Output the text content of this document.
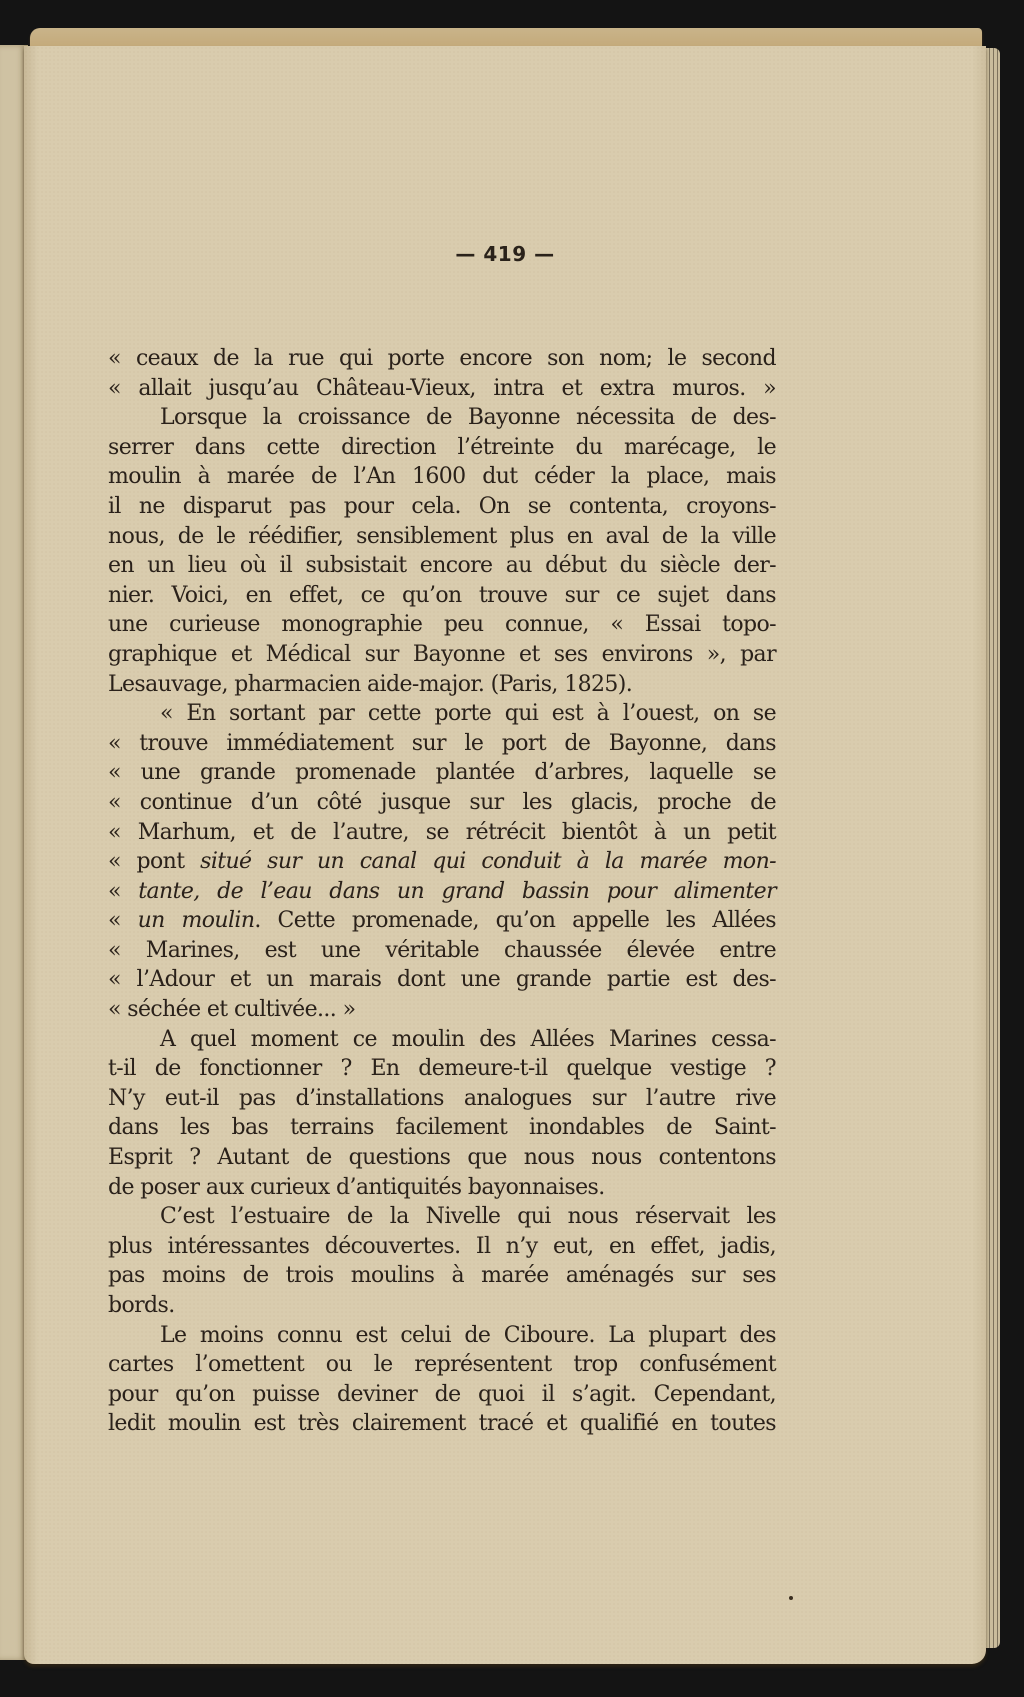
— 419 —
« ceaux de la rue qui porte encore son nom; le second
« allait jusqu’au Château-Vieux, intra et extra muros. »
Lorsque la croissance de Bayonne nécessita de des-
serrer dans cette direction l’étreinte du marécage, le
moulin à marée de l’An 1600 dut céder la place, mais
il ne disparut pas pour cela. On se contenta, croyons-
nous, de le réédifier, sensiblement plus en aval de la ville
en un lieu où il subsistait encore au début du siècle der-
nier. Voici, en effet, ce qu’on trouve sur ce sujet dans
une curieuse monographie peu connue, « Essai topo-
graphique et Médical sur Bayonne et ses environs », par
Lesauvage, pharmacien aide-major. (Paris, 1825).
« En sortant par cette porte qui est à l’ouest, on se
« trouve immédiatement sur le port de Bayonne, dans
« une grande promenade plantée d’arbres, laquelle se
« continue d’un côté jusque sur les glacis, proche de
« Marhum, et de l’autre, se rétrécit bientôt à un petit
« pont situé sur un canal qui conduit à la marée mon-
« tante, de l’eau dans un grand bassin pour alimenter
« un moulin. Cette promenade, qu’on appelle les Allées
« Marines, est une véritable chaussée élevée entre
« l’Adour et un marais dont une grande partie est des-
« séchée et cultivée... »
A quel moment ce moulin des Allées Marines cessa-
t-il de fonctionner ? En demeure-t-il quelque vestige ?
N’y eut-il pas d’installations analogues sur l’autre rive
dans les bas terrains facilement inondables de Saint-
Esprit ? Autant de questions que nous nous contentons
de poser aux curieux d’antiquités bayonnaises.
C’est l’estuaire de la Nivelle qui nous réservait les
plus intéressantes découvertes. Il n’y eut, en effet, jadis,
pas moins de trois moulins à marée aménagés sur ses
bords.
Le moins connu est celui de Ciboure. La plupart des
cartes l’omettent ou le représentent trop confusément
pour qu’on puisse deviner de quoi il s’agit. Cependant,
ledit moulin est très clairement tracé et qualifié en toutes
